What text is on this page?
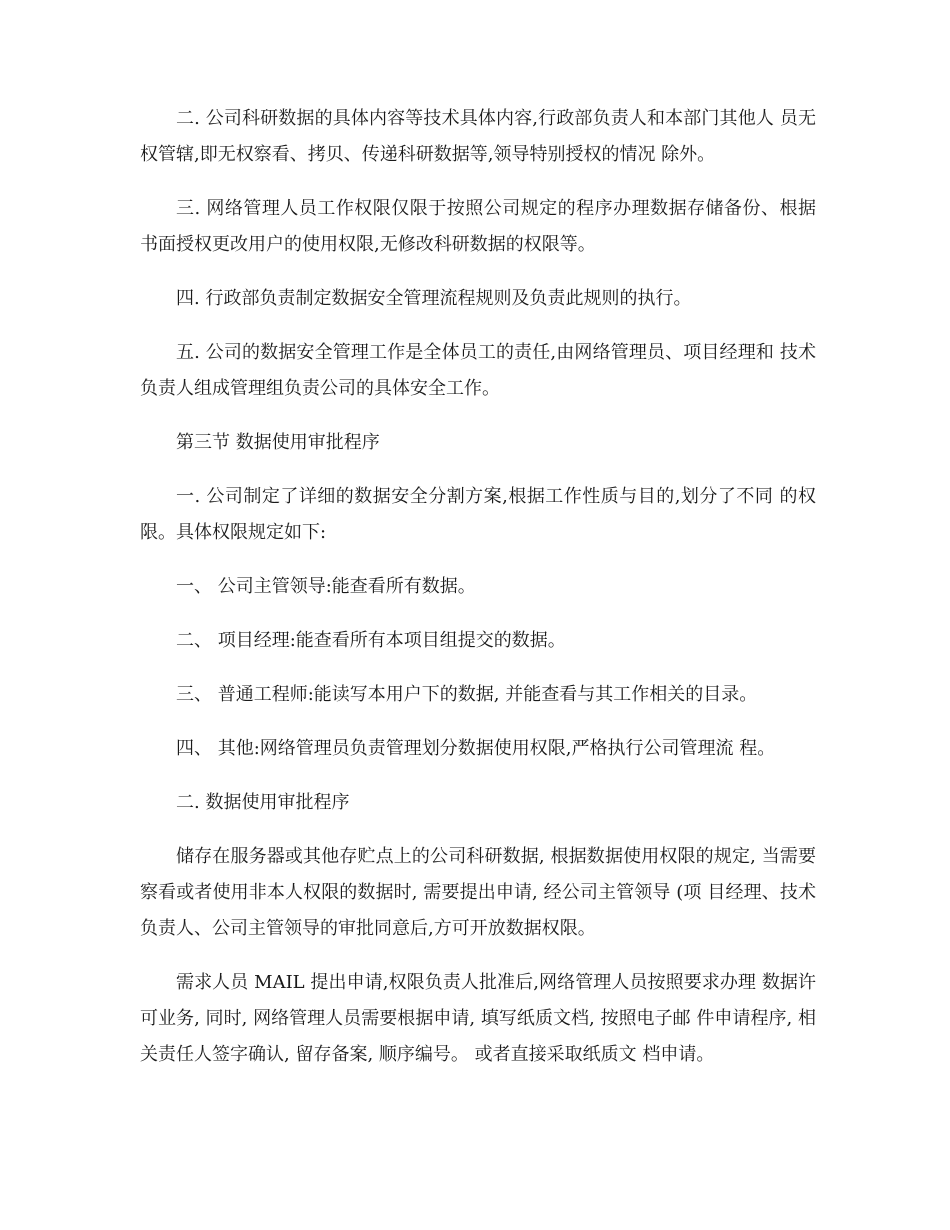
二. 公司科研数据的具体内容等技术具体内容,行政部负责人和本部门其他人 员无权管辖,即无权察看、拷贝、传递科研数据等,领导特别授权的情况 除外。

三. 网络管理人员工作权限仅限于按照公司规定的程序办理数据存储备份、根据书面授权更改用户的使用权限,无修改科研数据的权限等。

四. 行政部负责制定数据安全管理流程规则及负责此规则的执行。

五. 公司的数据安全管理工作是全体员工的责任,由网络管理员、项目经理和 技术负责人组成管理组负责公司的具体安全工作。

第三节 数据使用审批程序

一. 公司制定了详细的数据安全分割方案,根据工作性质与目的,划分了不同 的权限。具体权限规定如下:

一、 公司主管领导:能查看所有数据。

二、 项目经理:能查看所有本项目组提交的数据。

三、 普通工程师:能读写本用户下的数据, 并能查看与其工作相关的目录。

四、 其他:网络管理员负责管理划分数据使用权限,严格执行公司管理流 程。

二. 数据使用审批程序

储存在服务器或其他存贮点上的公司科研数据, 根据数据使用权限的规定, 当需要察看或者使用非本人权限的数据时, 需要提出申请, 经公司主管领导 (项 目经理、技术负责人、公司主管领导的审批同意后,方可开放数据权限。

需求人员 MAIL 提出申请,权限负责人批准后,网络管理人员按照要求办理 数据许可业务, 同时, 网络管理人员需要根据申请, 填写纸质文档, 按照电子邮 件申请程序, 相关责任人签字确认, 留存备案, 顺序编号。 或者直接采取纸质文 档申请。
